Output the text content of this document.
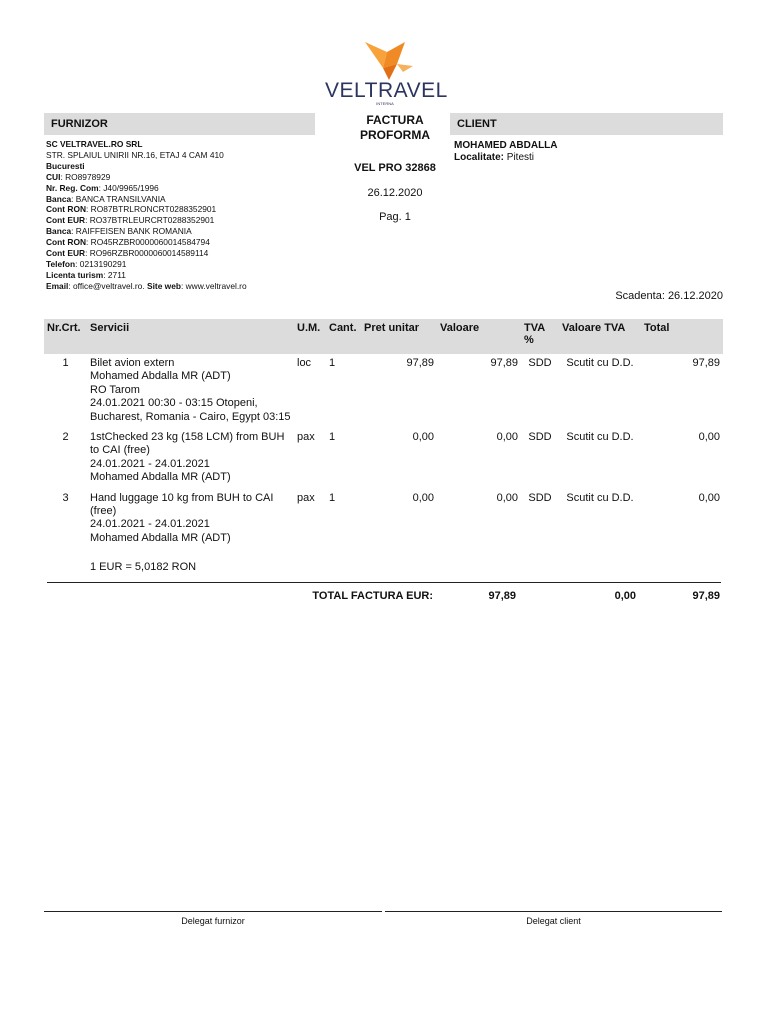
VELTRAVEL
INTERNA
FURNIZOR
SC VELTRAVEL.RO SRL
STR. SPLAIUL UNIRII NR.16, ETAJ 4 CAM 410
Bucuresti
CUI: RO8978929
Nr. Reg. Com: J40/9965/1996
Banca: BANCA TRANSILVANIA
Cont RON: RO87BTRLRONCRT0288352901
Cont EUR: RO37BTRLEURCRT0288352901
Banca: RAIFFEISEN BANK ROMANIA
Cont RON: RO45RZBR0000060014584794
Cont EUR: RO96RZBR0000060014589114
Telefon: 0213190291
Licenta turism: 2711
Email: office@veltravel.ro. Site web: www.veltravel.ro
FACTURA
PROFORMA
VEL PRO 32868
26.12.2020
Pag. 1
CLIENT
MOHAMED ABDALLA
Localitate: Pitesti
Scadenta: 26.12.2020
Nr.Crt.	Servicii	U.M.	Cant.	Pret unitar	Valoare	TVA %	Valoare TVA	Total
1	Bilet avion extern
Mohamed Abdalla MR (ADT)
RO Tarom
24.01.2021 00:30 - 03:15 Otopeni, Bucharest, Romania - Cairo, Egypt 03:15	loc	1	97,89	97,89	SDD	Scutit cu D.D.	97,89
2	1stChecked 23 kg (158 LCM) from BUH to CAI (free)
24.01.2021 - 24.01.2021
Mohamed Abdalla MR (ADT)	pax	1	0,00	0,00	SDD	Scutit cu D.D.	0,00
3	Hand luggage 10 kg from BUH to CAI (free)
24.01.2021 - 24.01.2021
Mohamed Abdalla MR (ADT)	pax	1	0,00	0,00	SDD	Scutit cu D.D.	0,00
1 EUR = 5,0182 RON
TOTAL FACTURA EUR:	97,89	0,00	97,89
Delegat furnizor	Delegat client
